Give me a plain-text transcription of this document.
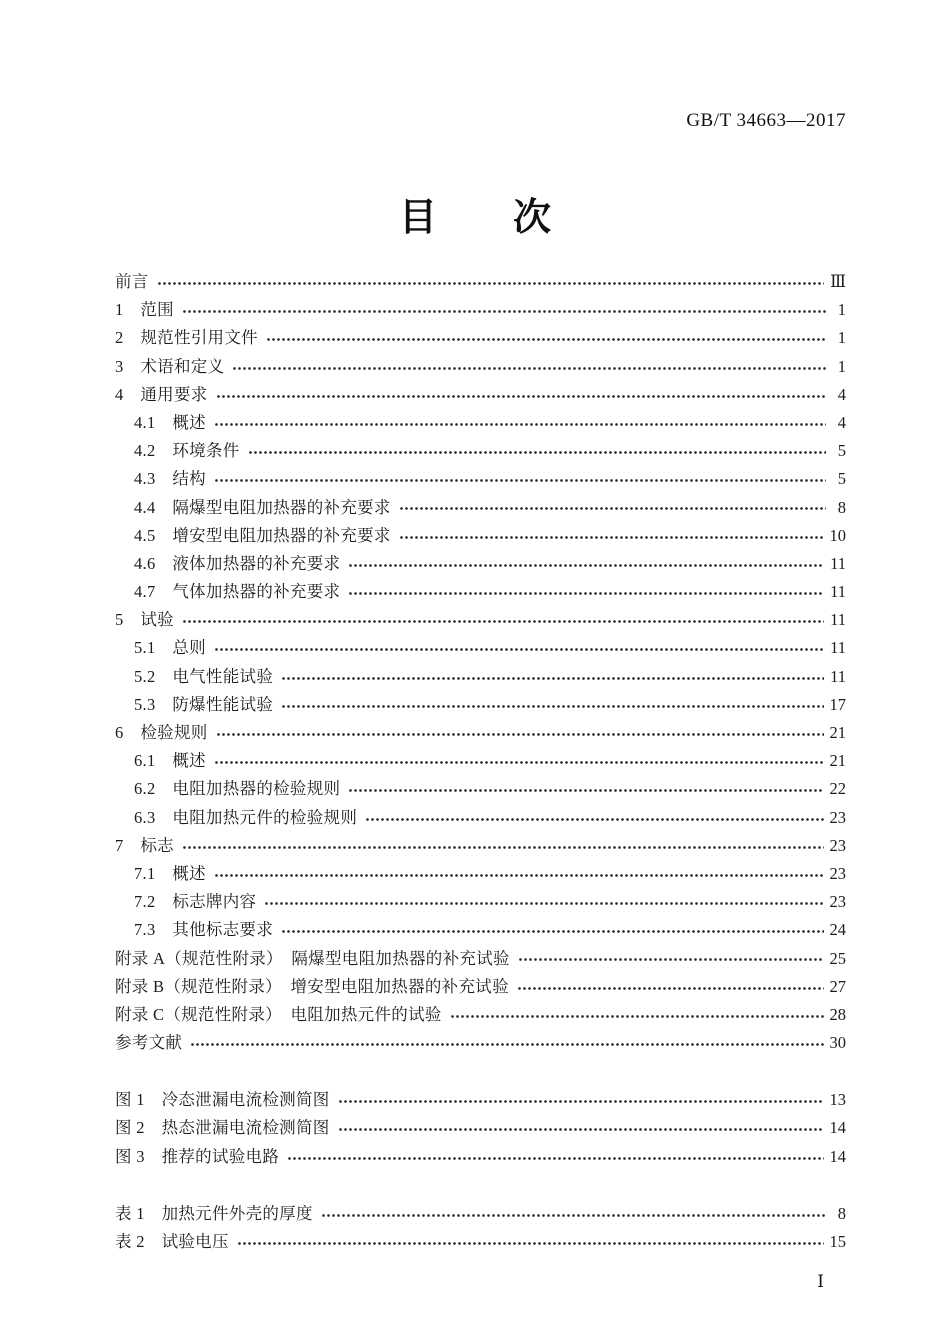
GB/T 34663—2017
目　　次
前言	Ⅲ
1　范围	1
2　规范性引用文件	1
3　术语和定义	1
4　通用要求	4
4.1　概述	4
4.2　环境条件	5
4.3　结构	5
4.4　隔爆型电阻加热器的补充要求	8
4.5　增安型电阻加热器的补充要求	10
4.6　液体加热器的补充要求	11
4.7　气体加热器的补充要求	11
5　试验	11
5.1　总则	11
5.2　电气性能试验	11
5.3　防爆性能试验	17
6　检验规则	21
6.1　概述	21
6.2　电阻加热器的检验规则	22
6.3　电阻加热元件的检验规则	23
7　标志	23
7.1　概述	23
7.2　标志牌内容	23
7.3　其他标志要求	24
附录 A（规范性附录）　隔爆型电阻加热器的补充试验	25
附录 B（规范性附录）　增安型电阻加热器的补充试验	27
附录 C（规范性附录）　电阻加热元件的试验	28
参考文献	30
图 1　冷态泄漏电流检测简图	13
图 2　热态泄漏电流检测简图	14
图 3　推荐的试验电路	14
表 1　加热元件外壳的厚度	8
表 2　试验电压	15
Ⅰ
